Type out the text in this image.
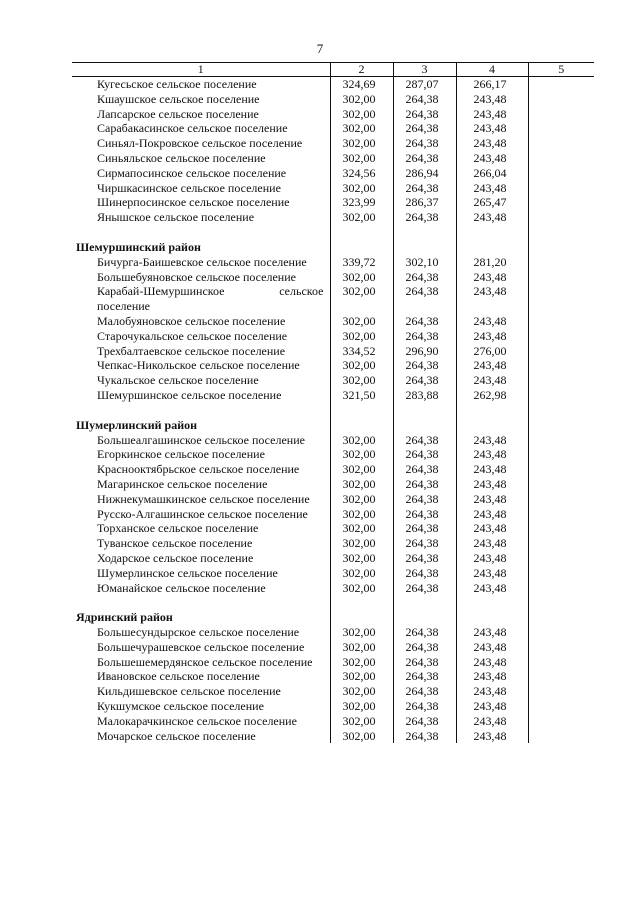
7
1	2	3	4	5
Кугесьское сельское поселение	324,69	287,07	266,17	
Кшаушское сельское поселение	302,00	264,38	243,48	
Лапсарское сельское поселение	302,00	264,38	243,48	
Сарабакасинское сельское поселение	302,00	264,38	243,48	
Синьял-Покровское сельское поселение	302,00	264,38	243,48	
Синьяльское сельское поселение	302,00	264,38	243,48	
Сирмапосинское сельское поселение	324,56	286,94	266,04	
Чиршкасинское сельское поселение	302,00	264,38	243,48	
Шинерпосинское сельское поселение	323,99	286,37	265,47	
Янышское сельское поселение	302,00	264,38	243,48	

Шемуршинский район				
Бичурга-Баишевское сельское поселение	339,72	302,10	281,20	
Большебуяновское сельское поселение	302,00	264,38	243,48	
Карабай-Шемуршинское сельское поселение	302,00	264,38	243,48	
Малобуяновское сельское поселение	302,00	264,38	243,48	
Старочукальское сельское поселение	302,00	264,38	243,48	
Трехбалтаевское сельское поселение	334,52	296,90	276,00	
Чепкас-Никольское сельское поселение	302,00	264,38	243,48	
Чукальское сельское поселение	302,00	264,38	243,48	
Шемуршинское сельское поселение	321,50	283,88	262,98	

Шумерлинский район				
Большеалгашинское сельское поселение	302,00	264,38	243,48	
Егоркинское сельское поселение	302,00	264,38	243,48	
Краснооктябрьское сельское поселение	302,00	264,38	243,48	
Магаринское сельское поселение	302,00	264,38	243,48	
Нижнекумашкинское сельское поселение	302,00	264,38	243,48	
Русско-Алгашинское сельское поселение	302,00	264,38	243,48	
Торханское сельское поселение	302,00	264,38	243,48	
Туванское сельское поселение	302,00	264,38	243,48	
Ходарское сельское поселение	302,00	264,38	243,48	
Шумерлинское сельское поселение	302,00	264,38	243,48	
Юманайское сельское поселение	302,00	264,38	243,48	

Ядринский район				
Большесундырское сельское поселение	302,00	264,38	243,48	
Большечурашевское сельское поселение	302,00	264,38	243,48	
Большешемердянское сельское поселение	302,00	264,38	243,48	
Ивановское сельское поселение	302,00	264,38	243,48	
Кильдишевское сельское поселение	302,00	264,38	243,48	
Кукшумское сельское поселение	302,00	264,38	243,48	
Малокарачкинское сельское поселение	302,00	264,38	243,48	
Мочарское сельское поселение	302,00	264,38	243,48	
